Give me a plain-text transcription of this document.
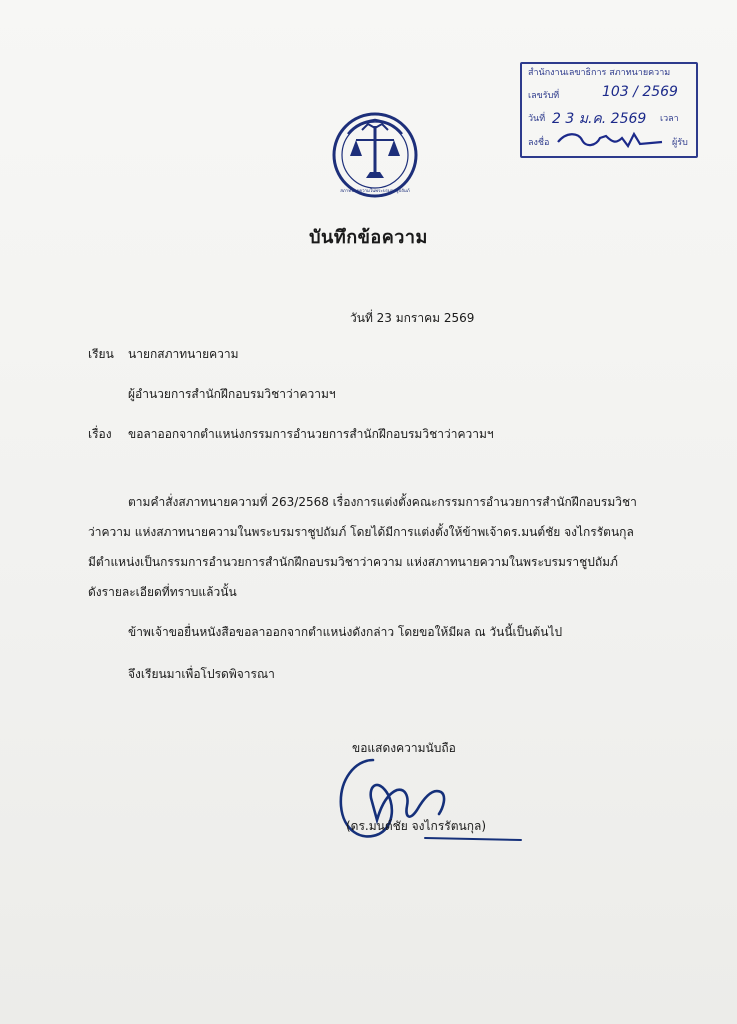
สำนักงานเลขาธิการ สภาทนายความ
เลขรับที่	103 / 2569
วันที่ 2 3 ม.ค. 2569 เวลา
ลงชื่อ	ผู้รับ
สภาทนายความในพระบรมราชูปถัมภ์
บันทึกข้อความ
วันที่ 23 มกราคม 2569
เรียน นายกสภาทนายความ
ผู้อำนวยการสำนักฝึกอบรมวิชาว่าความฯ
เรื่อง ขอลาออกจากตำแหน่งกรรมการอำนวยการสำนักฝึกอบรมวิชาว่าความฯ
ตามคำสั่งสภาทนายความที่ 263/2568 เรื่องการแต่งตั้งคณะกรรมการอำนวยการสำนักฝึกอบรมวิชา
ว่าความ แห่งสภาทนายความในพระบรมราชูปถัมภ์ โดยได้มีการแต่งตั้งให้ข้าพเจ้าดร.มนต์ชัย จงไกรรัตนกุล
มีตำแหน่งเป็นกรรมการอำนวยการสำนักฝึกอบรมวิชาว่าความ แห่งสภาทนายความในพระบรมราชูปถัมภ์
ดังรายละเอียดที่ทราบแล้วนั้น
ข้าพเจ้าขอยื่นหนังสือขอลาออกจากตำแหน่งดังกล่าว โดยขอให้มีผล ณ วันนี้เป็นต้นไป
จึงเรียนมาเพื่อโปรดพิจารณา
ขอแสดงความนับถือ
(ดร.มนต์ชัย จงไกรรัตนกุล)
